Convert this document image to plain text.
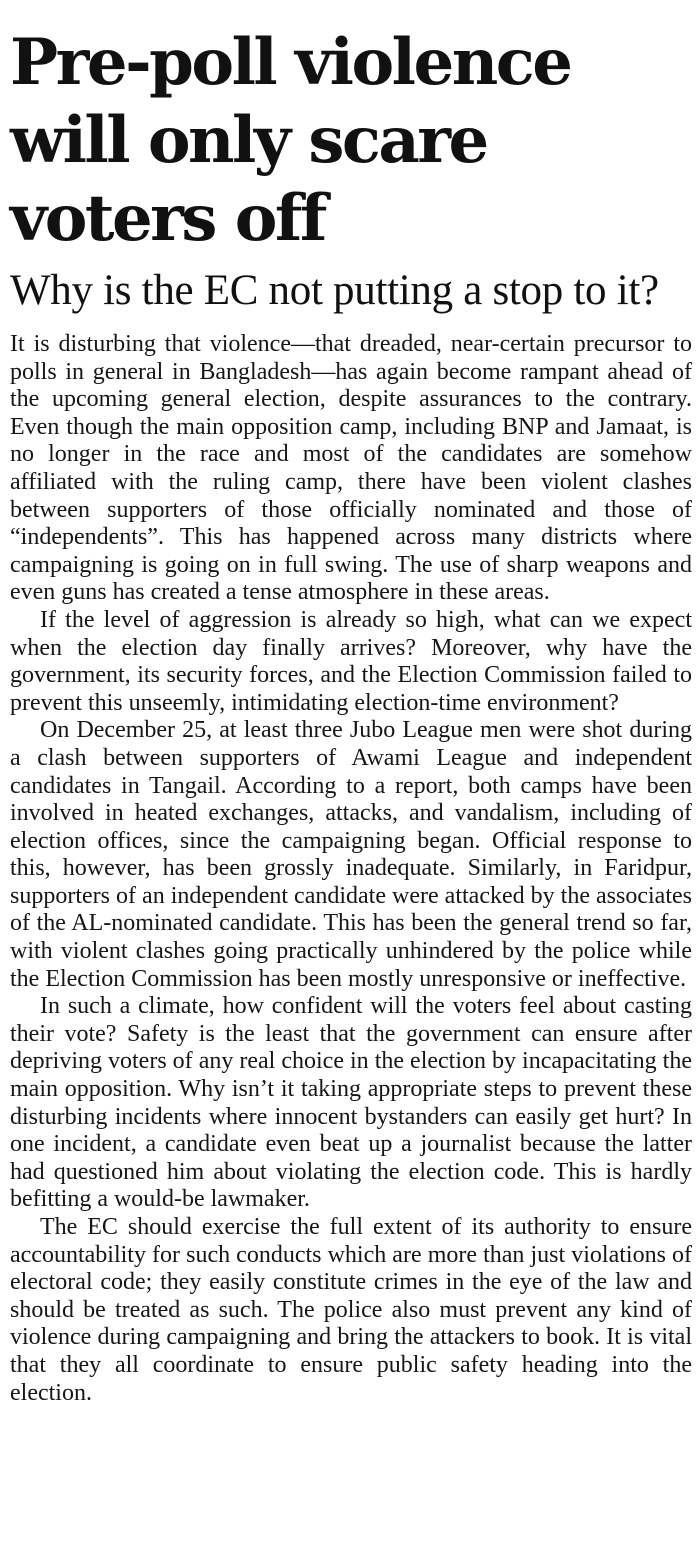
Pre-poll violence will only scare voters off
Why is the EC not putting a stop to it?

It is disturbing that violence—that dreaded, near-certain precursor to polls in general in Bangladesh—has again become rampant ahead of the upcoming general election, despite assurances to the contrary. Even though the main opposition camp, including BNP and Jamaat, is no longer in the race and most of the candidates are somehow affiliated with the ruling camp, there have been violent clashes between supporters of those officially nominated and those of “independents”. This has happened across many districts where campaigning is going on in full swing. The use of sharp weapons and even guns has created a tense atmosphere in these areas.

If the level of aggression is already so high, what can we expect when the election day finally arrives? Moreover, why have the government, its security forces, and the Election Commission failed to prevent this unseemly, intimidating election-time environment?

On December 25, at least three Jubo League men were shot during a clash between supporters of Awami League and independent candidates in Tangail. According to a report, both camps have been involved in heated exchanges, attacks, and vandalism, including of election offices, since the campaigning began. Official response to this, however, has been grossly inadequate. Similarly, in Faridpur, supporters of an independent candidate were attacked by the associates of the AL-nominated candidate. This has been the general trend so far, with violent clashes going practically unhindered by the police while the Election Commission has been mostly unresponsive or ineffective.

In such a climate, how confident will the voters feel about casting their vote? Safety is the least that the government can ensure after depriving voters of any real choice in the election by incapacitating the main opposition. Why isn’t it taking appropriate steps to prevent these disturbing incidents where innocent bystanders can easily get hurt? In one incident, a candidate even beat up a journalist because the latter had questioned him about violating the election code. This is hardly befitting a would-be lawmaker.

The EC should exercise the full extent of its authority to ensure accountability for such conducts which are more than just violations of electoral code; they easily constitute crimes in the eye of the law and should be treated as such. The police also must prevent any kind of violence during campaigning and bring the attackers to book. It is vital that they all coordinate to ensure public safety heading into the election.
